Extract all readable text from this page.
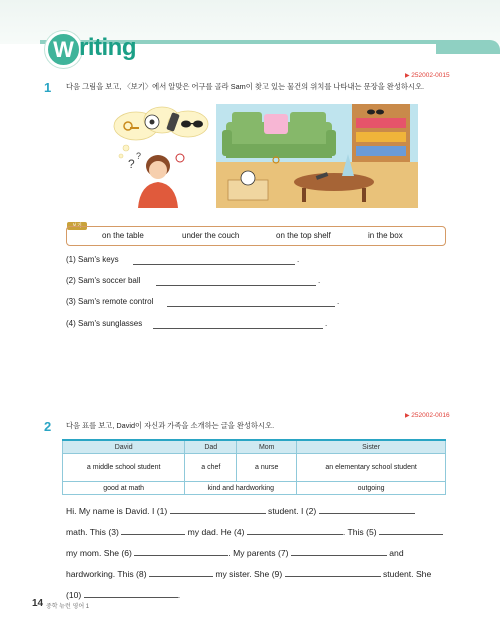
W riting
▶ 252002-0015
1 다음 그림을 보고, 〈보기〉에서 알맞은 어구를 골라 Sam이 찾고 있는 물건의 위치를 나타내는 문장을 완성하시오.
?
?
보기
on the table	under the couch	on the top shelf	in the box
(1) Sam's keys	.
(2) Sam's soccer ball	.
(3) Sam's remote control	.
(4) Sam's sunglasses	.
▶ 252002-0016
2 다음 표를 보고, David이 자신과 가족을 소개하는 글을 완성하시오.
David	Dad	Mom	Sister
a middle school student	a chef	a nurse	an elementary school student
good at math	kind and hardworking		outgoing
Hi. My name is David. I (1)	student. I (2)
math. This (3)	my dad. He (4)	. This (5)
my mom. She (6)	. My parents (7)	and
hardworking. This (8)	my sister. She (9)	student. She
(10)	.
14 중학 뉴런 영어 1
